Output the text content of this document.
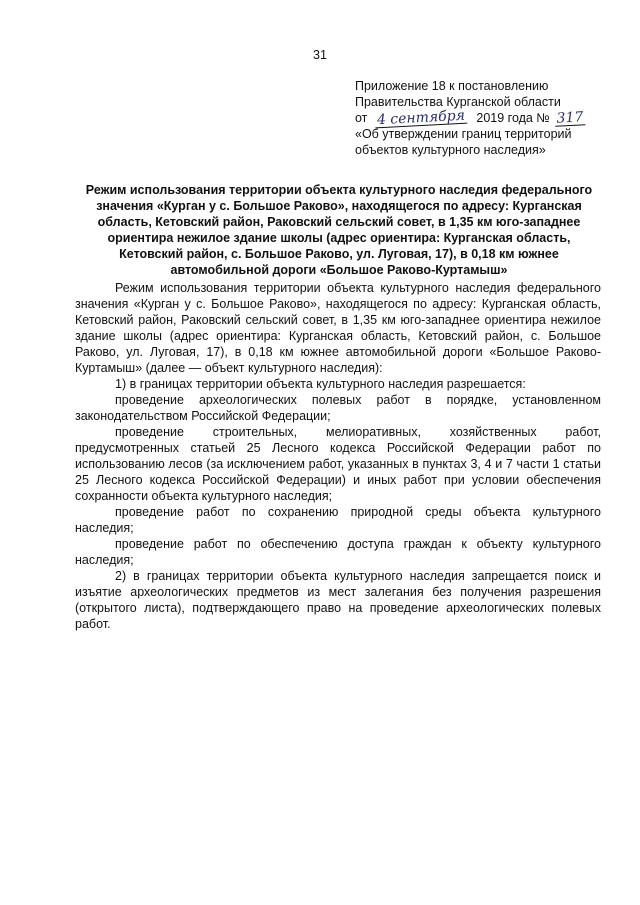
31
Приложение 18 к постановлению
Правительства Курганской области
от 4 сентября 2019 года № 317
«Об утверждении границ территорий
объектов культурного наследия»
Режим использования территории объекта культурного наследия федерального значения «Курган у с. Большое Раково», находящегося по адресу: Курганская область, Кетовский район, Раковский сельский совет, в 1,35 км юго-западнее ориентира нежилое здание школы (адрес ориентира: Курганская область, Кетовский район, с. Большое Раково, ул. Луговая, 17), в 0,18 км южнее автомобильной дороги «Большое Раково-Куртамыш»

Режим использования территории объекта культурного наследия федерального значения «Курган у с. Большое Раково», находящегося по адресу: Курганская область, Кетовский район, Раковский сельский совет, в 1,35 км юго-западнее ориентира нежилое здание школы (адрес ориентира: Курганская область, Кетовский район, с. Большое Раково, ул. Луговая, 17), в 0,18 км южнее автомобильной дороги «Большое Раково-Куртамыш» (далее — объект культурного наследия):

1) в границах территории объекта культурного наследия разрешается:

проведение археологических полевых работ в порядке, установленном законодательством Российской Федерации;

проведение строительных, мелиоративных, хозяйственных работ, предусмотренных статьей 25 Лесного кодекса Российской Федерации работ по использованию лесов (за исключением работ, указанных в пунктах 3, 4 и 7 части 1 статьи 25 Лесного кодекса Российской Федерации) и иных работ при условии обеспечения сохранности объекта культурного наследия;

проведение работ по сохранению природной среды объекта культурного наследия;

проведение работ по обеспечению доступа граждан к объекту культурного наследия;

2) в границах территории объекта культурного наследия запрещается поиск и изъятие археологических предметов из мест залегания без получения разрешения (открытого листа), подтверждающего право на проведение археологических полевых работ.
